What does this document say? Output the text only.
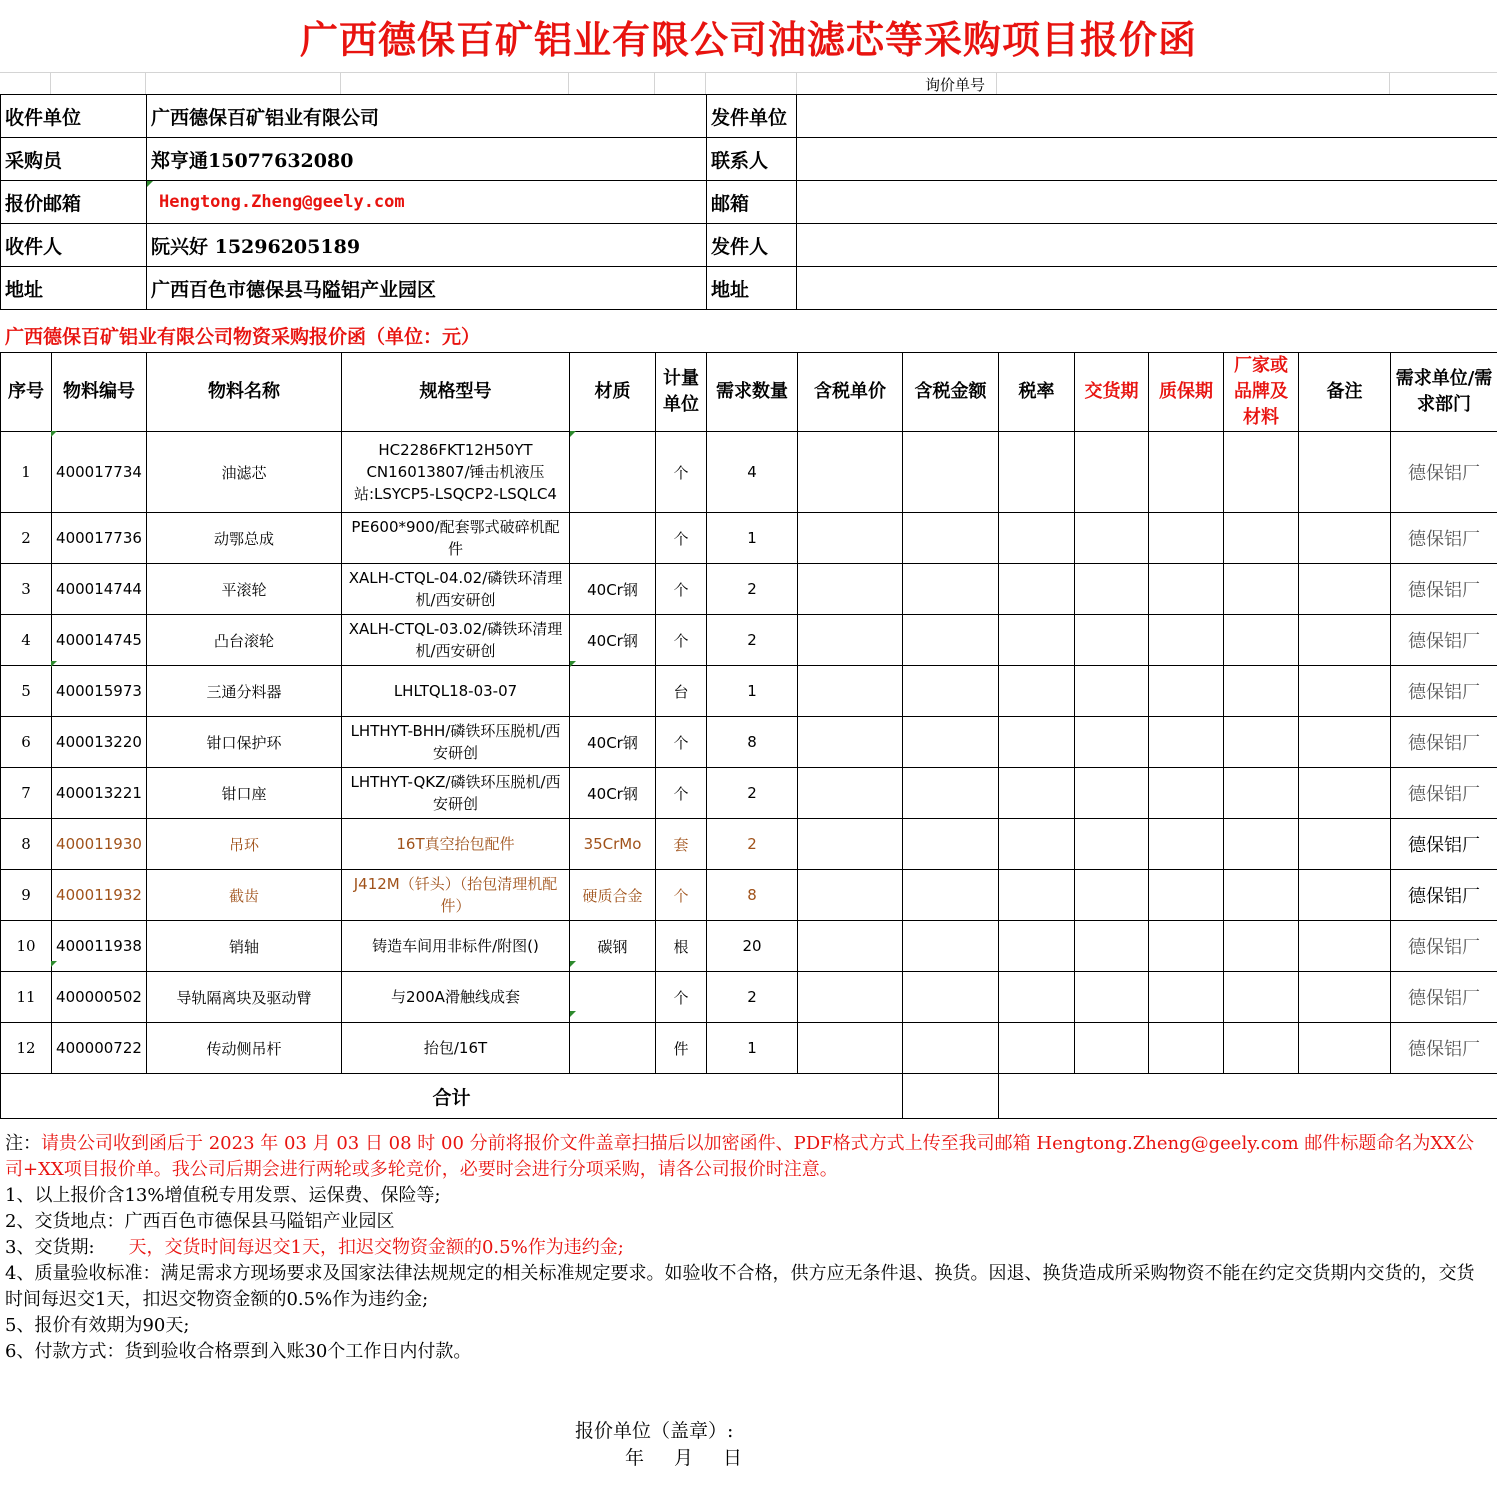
广西德保百矿铝业有限公司油滤芯等采购项目报价函
询价单号
收件单位	广西德保百矿铝业有限公司	发件单位	
采购员	郑亨通15077632080	联系人	
报价邮箱	Hengtong.Zheng@geely.com	邮箱	
收件人	阮兴好 15296205189	发件人	
地址	广西百色市德保县马隘铝产业园区	地址	
广西德保百矿铝业有限公司物资采购报价函（单位：元）
序号	物料编号	物料名称	规格型号	材质	计量单位	需求数量	含税单价	含税金额	税率	交货期	质保期	厂家或品牌及材料	备注	需求单位/需求部门
1	400017734	油滤芯	HC2286FKT12H50YT CN16013807/锤击机液压站:LSYCP5-LSQCP2-LSQLC4		个	4								德保铝厂
2	400017736	动鄂总成	PE600*900/配套鄂式破碎机配件		个	1								德保铝厂
3	400014744	平滚轮	XALH-CTQL-04.02/磷铁环清理机/西安研创	40Cr钢	个	2								德保铝厂
4	400014745	凸台滚轮	XALH-CTQL-03.02/磷铁环清理机/西安研创	40Cr钢	个	2								德保铝厂
5	400015973	三通分料器	LHLTQL18-03-07		台	1								德保铝厂
6	400013220	钳口保护环	LHTHYT-BHH/磷铁环压脱机/西安研创	40Cr钢	个	8								德保铝厂
7	400013221	钳口座	LHTHYT-QKZ/磷铁环压脱机/西安研创	40Cr钢	个	2								德保铝厂
8	400011930	吊环	16T真空抬包配件	35CrMo	套	2								德保铝厂
9	400011932	截齿	J412M（钎头）（抬包清理机配件）	硬质合金	个	8								德保铝厂
10	400011938	销轴	铸造车间用非标件/附图()	碳钢	根	20								德保铝厂
11	400000502	导轨隔离块及驱动臂	与200A滑触线成套		个	2								德保铝厂
12	400000722	传动侧吊杆	抬包/16T		件	1								德保铝厂
合计														
注：请贵公司收到函后于 2023 年 03 月 03 日 08 时 00 分前将报价文件盖章扫描后以加密函件、PDF格式方式上传至我司邮箱 Hengtong.Zheng@geely.com 邮件标题命名为XX公司+XX项目报价单。我公司后期会进行两轮或多轮竞价，必要时会进行分项采购，请各公司报价时注意。
1、以上报价含13%增值税专用发票、运保费、保险等;
2、交货地点：广西百色市德保县马隘铝产业园区
3、交货期: 天，交货时间每迟交1天，扣迟交物资金额的0.5%作为违约金;
4、质量验收标准：满足需求方现场要求及国家法律法规规定的相关标准规定要求。如验收不合格，供方应无条件退、换货。因退、换货造成所采购物资不能在约定交货期内交货的，交货时间每迟交1天，扣迟交物资金额的0.5%作为违约金;
5、报价有效期为90天;
6、付款方式：货到验收合格票到入账30个工作日内付款。
报价单位（盖章）:
年 月 日
